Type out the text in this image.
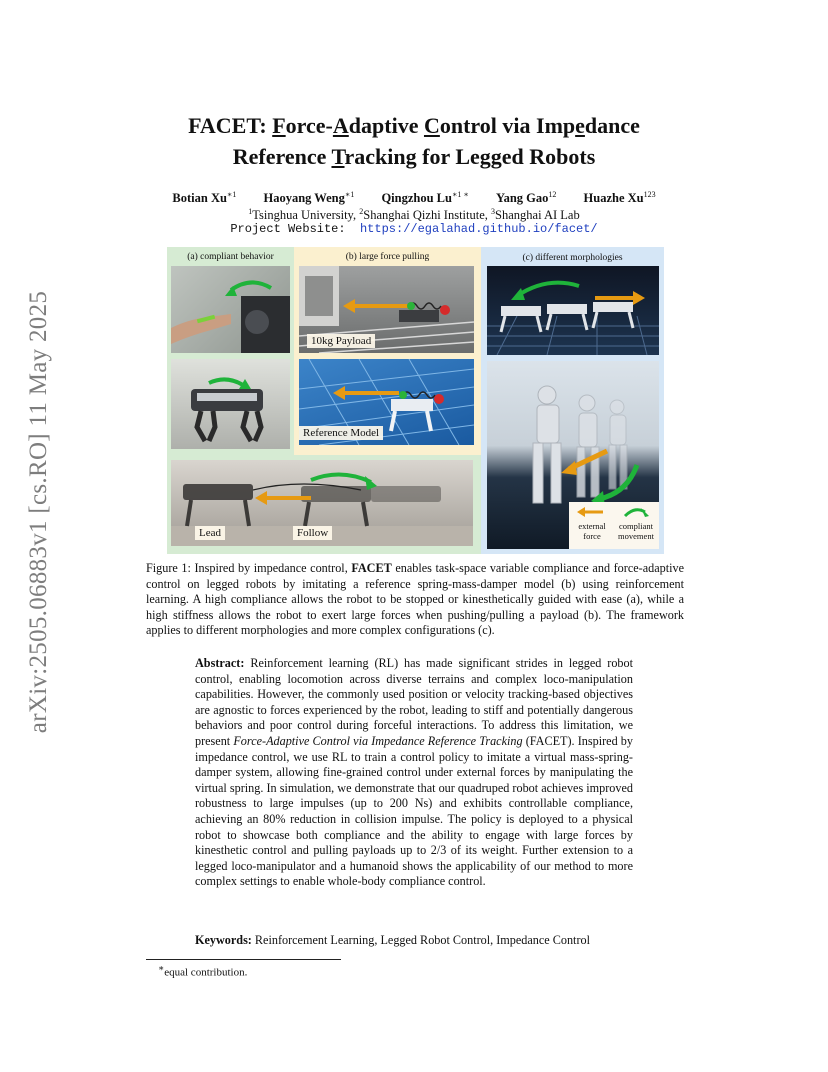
arXiv:2505.06883v1 [cs.RO] 11 May 2025
FACET: Force-Adaptive Control via Impedance
Reference Tracking for Legged Robots
Botian $Xu^{∗1}$ Haoyang Weng$^{∗1}$ Qingzhou $Lu^{∗1 ∗}$ Yang Gao$^{12}$ Huazhe Xu$^{123}$
$^1$Tsinghua University, $^2$Shanghai Qizhi Institute, $^3$Shanghai AI Lab
Project Website: https://egalahad.github.io/facet/
(a) compliant behavior	(b) large force pulling	(c) different morphologies
10kg Payload
Reference Model
Lead	Follow
external force
compliant movement
Figure 1: Inspired by impedance control, FACET enables task-space variable compliance and force-adaptive control on legged robots by imitating a reference spring-mass-damper model (b) using reinforcement learning. A high compliance allows the robot to be stopped or kinesthetically guided with ease (a), while a high stiffness allows the robot to exert large forces when pushing/pulling a payload (b). The framework applies to different morphologies and more complex configurations (c).
Abstract: Reinforcement learning (RL) has made significant strides in legged robot control, enabling locomotion across diverse terrains and complex loco-manipulation capabilities. However, the commonly used position or velocity tracking-based objectives are agnostic to forces experienced by the robot, leading to stiff and potentially dangerous behaviors and poor control during forceful interactions. To address this limitation, we present Force-Adaptive Control via Impedance Reference Tracking (FACET). Inspired by impedance control, we use RL to train a control policy to imitate a virtual mass-spring-damper system, allowing fine-grained control under external forces by manipulating the virtual spring. In simulation, we demonstrate that our quadruped robot achieves improved robustness to large impulses (up to 200 Ns) and exhibits controllable compliance, achieving an 80% reduction in collision impulse. The policy is deployed to a physical robot to showcase both compliance and the ability to engage with large forces by kinesthetic control and pulling payloads up to 2/3 of its weight. Further extension to a legged loco-manipulator and a humanoid shows the applicability of our method to more complex settings to enable whole-body compliance control.
Keywords: Reinforcement Learning, Legged Robot Control, Impedance Control
∗equal contribution.
